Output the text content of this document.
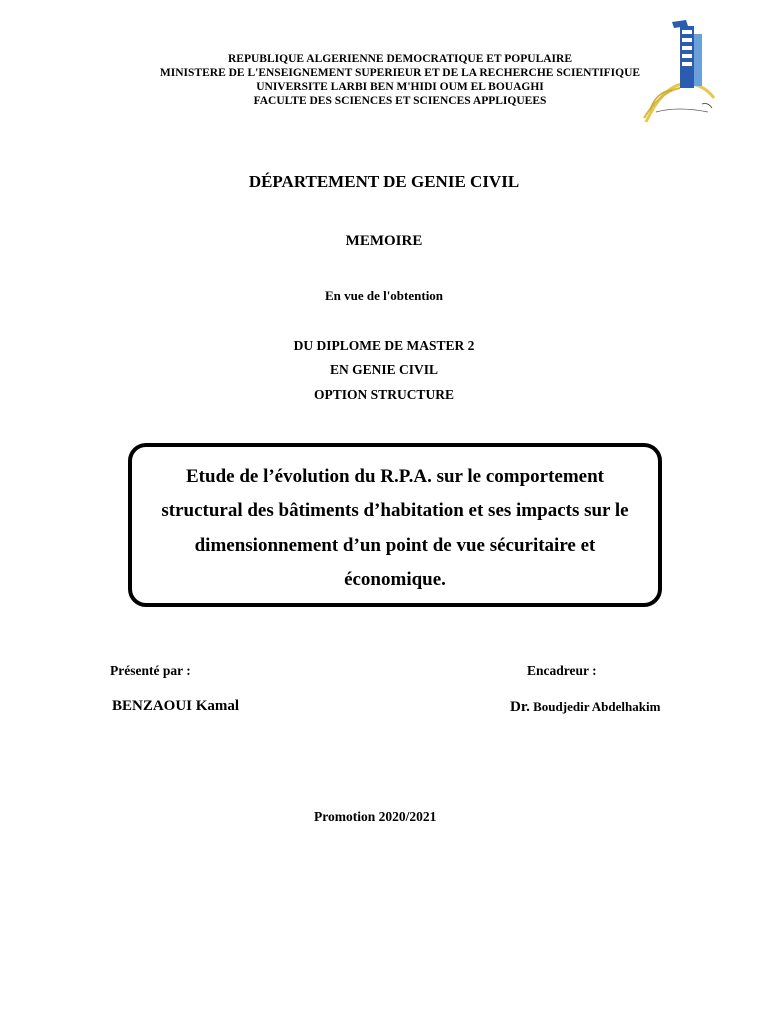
REPUBLIQUE ALGERIENNE DEMOCRATIQUE ET POPULAIRE
MINISTERE DE L'ENSEIGNEMENT SUPERIEUR ET DE LA RECHERCHE SCIENTIFIQUE
UNIVERSITE LARBI BEN M'HIDI OUM EL BOUAGHI
FACULTE DES SCIENCES ET SCIENCES APPLIQUEES
DÉPARTEMENT DE GENIE CIVIL
MEMOIRE
En vue de l'obtention
DU DIPLOME DE MASTER 2
EN GENIE CIVIL
OPTION STRUCTURE
Etude de l’évolution du R.P.A. sur le comportement
structural des bâtiments d’habitation et ses impacts sur le
dimensionnement d’un point de vue sécuritaire et
économique.
Présenté par :
BENZAOUI Kamal
Encadreur :
Dr. Boudjedir Abdelhakim
Promotion 2020/2021
